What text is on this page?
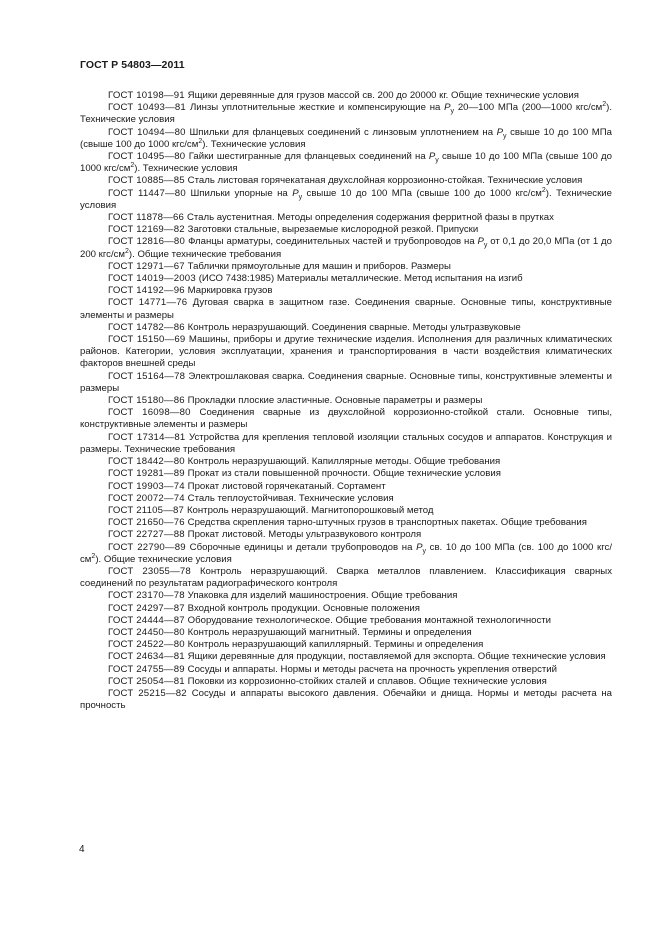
ГОСТ Р 54803—2011

ГОСТ 10198—91 Ящики деревянные для грузов массой св. 200 до 20000 кг. Общие технические условия

ГОСТ 10493—81 Линзы уплотнительные жесткие и компенсирующие на $P_у$ 20—100 МПа (200—1000 кгс/$см^2$). Технические условия

ГОСТ 10494—80 Шпильки для фланцевых соединений с линзовым уплотнением на $P_у$ свыше 10 до 100 МПа (свыше 100 до 1000 кгс/$см^2$). Технические условия

ГОСТ 10495—80 Гайки шестигранные для фланцевых соединений на $P_у$ свыше 10 до 100 МПа (свыше 100 до 1000 кгс/$см^2$). Технические условия

ГОСТ 10885—85 Сталь листовая горячекатаная двухслойная коррозионно-стойкая. Технические условия

ГОСТ 11447—80 Шпильки упорные на $P_у$ свыше 10 до 100 МПа (свыше 100 до 1000 кгс/$см^2$). Технические условия

ГОСТ 11878—66 Сталь аустенитная. Методы определения содержания ферритной фазы в прутках

ГОСТ 12169—82 Заготовки стальные, вырезаемые кислородной резкой. Припуски

ГОСТ 12816—80 Фланцы арматуры, соединительных частей и трубопроводов на $P_у$ от 0,1 до 20,0 МПа (от 1 до 200 кгс/$см^2$). Общие технические требования

ГОСТ 12971—67 Таблички прямоугольные для машин и приборов. Размеры

ГОСТ 14019—2003 (ИСО 7438:1985) Материалы металлические. Метод испытания на изгиб

ГОСТ 14192—96 Маркировка грузов

ГОСТ 14771—76 Дуговая сварка в защитном газе. Соединения сварные. Основные типы, конструктивные элементы и размеры

ГОСТ 14782—86 Контроль неразрушающий. Соединения сварные. Методы ультразвуковые

ГОСТ 15150—69 Машины, приборы и другие технические изделия. Исполнения для различных климатических районов. Категории, условия эксплуатации, хранения и транспортирования в части воздействия климатических факторов внешней среды

ГОСТ 15164—78 Электрошлаковая сварка. Соединения сварные. Основные типы, конструктивные элементы и размеры

ГОСТ 15180—86 Прокладки плоские эластичные. Основные параметры и размеры

ГОСТ 16098—80 Соединения сварные из двухслойной коррозионно-стойкой стали. Основные типы, конструктивные элементы и размеры

ГОСТ 17314—81 Устройства для крепления тепловой изоляции стальных сосудов и аппаратов. Конструкция и размеры. Технические требования

ГОСТ 18442—80 Контроль неразрушающий. Капиллярные методы. Общие требования

ГОСТ 19281—89 Прокат из стали повышенной прочности. Общие технические условия

ГОСТ 19903—74 Прокат листовой горячекатаный. Сортамент

ГОСТ 20072—74 Сталь теплоустойчивая. Технические условия

ГОСТ 21105—87 Контроль неразрушающий. Магнитопорошковый метод

ГОСТ 21650—76 Средства скрепления тарно-штучных грузов в транспортных пакетах. Общие требования

ГОСТ 22727—88 Прокат листовой. Методы ультразвукового контроля

ГОСТ 22790—89 Сборочные единицы и детали трубопроводов на $P_у$ св. 10 до 100 МПа (св. 100 до 1000 кгс/$см^2$). Общие технические условия

ГОСТ 23055—78 Контроль неразрушающий. Сварка металлов плавлением. Классификация сварных соединений по результатам радиографического контроля

ГОСТ 23170—78 Упаковка для изделий машиностроения. Общие требования

ГОСТ 24297—87 Входной контроль продукции. Основные положения

ГОСТ 24444—87 Оборудование технологическое. Общие требования монтажной технологичности

ГОСТ 24450—80 Контроль неразрушающий магнитный. Термины и определения

ГОСТ 24522—80 Контроль неразрушающий капиллярный. Термины и определения

ГОСТ 24634—81 Ящики деревянные для продукции, поставляемой для экспорта. Общие технические условия

ГОСТ 24755—89 Сосуды и аппараты. Нормы и методы расчета на прочность укрепления отверстий

ГОСТ 25054—81 Поковки из коррозионно-стойких сталей и сплавов. Общие технические условия

ГОСТ 25215—82 Сосуды и аппараты высокого давления. Обечайки и днища. Нормы и методы расчета на прочность

4
